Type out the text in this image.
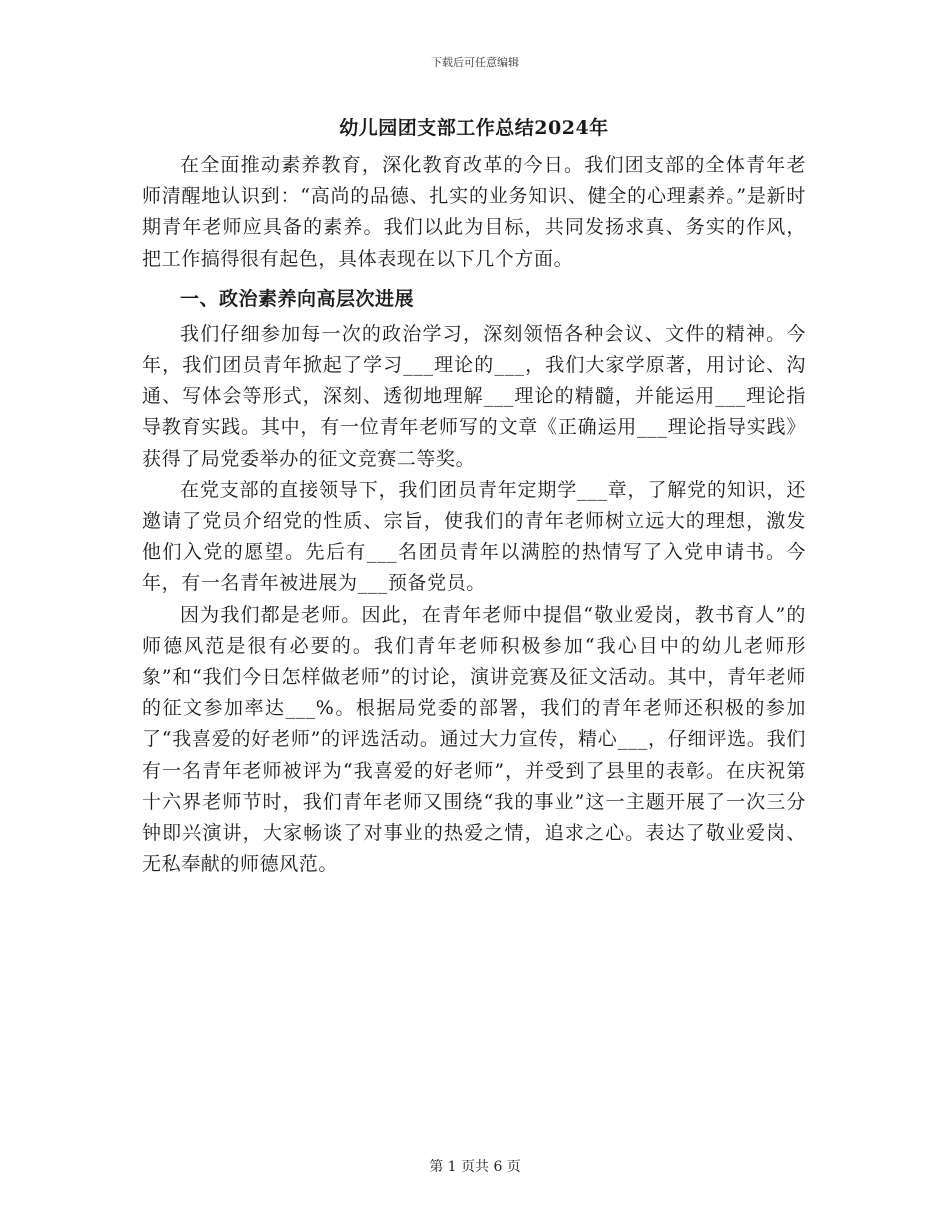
下载后可任意编辑
幼儿园团支部工作总结2024年

在全面推动素养教育，深化教育改革的今日。我们团支部的全体青年老师清醒地认识到：“高尚的品德、扎实的业务知识、健全的心理素养。”是新时期青年老师应具备的素养。我们以此为目标，共同发扬求真、务实的作风，把工作搞得很有起色，具体表现在以下几个方面。

一、政治素养向高层次进展

我们仔细参加每一次的政治学习，深刻领悟各种会议、文件的精神。今年，我们团员青年掀起了学习___理论的___，我们大家学原著，用讨论、沟通、写体会等形式，深刻、透彻地理解___理论的精髓，并能运用___理论指导教育实践。其中，有一位青年老师写的文章《正确运用___理论指导实践》获得了局党委举办的征文竞赛二等奖。

在党支部的直接领导下，我们团员青年定期学___章，了解党的知识，还邀请了党员介绍党的性质、宗旨，使我们的青年老师树立远大的理想，激发他们入党的愿望。先后有___名团员青年以满腔的热情写了入党申请书。今年，有一名青年被进展为___预备党员。

因为我们都是老师。因此，在青年老师中提倡“敬业爱岗，教书育人”的师德风范是很有必要的。我们青年老师积极参加“我心目中的幼儿老师形象”和“我们今日怎样做老师”的讨论，演讲竞赛及征文活动。其中，青年老师的征文参加率达___%。根据局党委的部署，我们的青年老师还积极的参加了“我喜爱的好老师”的评选活动。通过大力宣传，精心___，仔细评选。我们有一名青年老师被评为“我喜爱的好老师”，并受到了县里的表彰。在庆祝第十六界老师节时，我们青年老师又围绕“我的事业”这一主题开展了一次三分钟即兴演讲，大家畅谈了对事业的热爱之情，追求之心。表达了敬业爱岗、无私奉献的师德风范。

第 1 页共 6 页
